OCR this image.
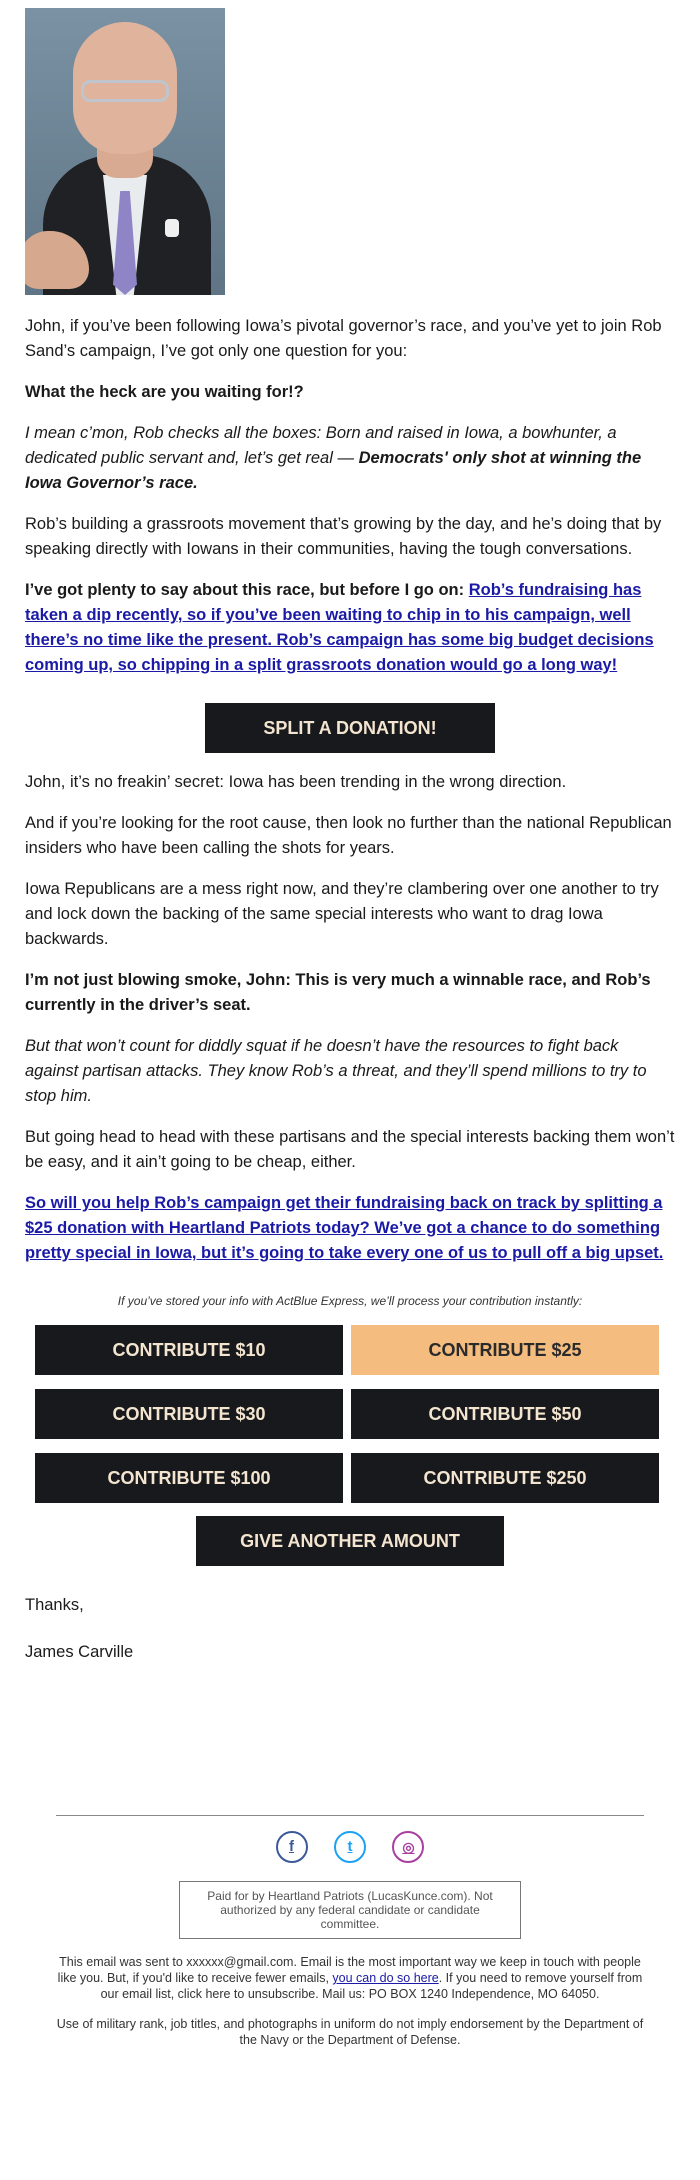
John, if you’ve been following Iowa’s pivotal governor’s race, and you’ve yet to join Rob Sand’s campaign, I’ve got only one question for you:

What the heck are you waiting for!?

I mean c’mon, Rob checks all the boxes: Born and raised in Iowa, a bowhunter, a dedicated public servant and, let’s get real — Democrats' only shot at winning the Iowa Governor’s race.

Rob’s building a grassroots movement that’s growing by the day, and he’s doing that by speaking directly with Iowans in their communities, having the tough conversations.

I’ve got plenty to say about this race, but before I go on: Rob’s fundraising has taken a dip recently, so if you’ve been waiting to chip in to his campaign, well there’s no time like the present. Rob’s campaign has some big budget decisions coming up, so chipping in a split grassroots donation would go a long way!

SPLIT A DONATION!

John, it’s no freakin’ secret: Iowa has been trending in the wrong direction.

And if you’re looking for the root cause, then look no further than the national Republican insiders who have been calling the shots for years.

Iowa Republicans are a mess right now, and they’re clambering over one another to try and lock down the backing of the same special interests who want to drag Iowa backwards.

I’m not just blowing smoke, John: This is very much a winnable race, and Rob’s currently in the driver’s seat.

But that won’t count for diddly squat if he doesn’t have the resources to fight back against partisan attacks. They know Rob’s a threat, and they’ll spend millions to try to stop him.

But going head to head with these partisans and the special interests backing them won’t be easy, and it ain’t going to be cheap, either.

So will you help Rob’s campaign get their fundraising back on track by splitting a $25 donation with Heartland Patriots today? We’ve got a chance to do something pretty special in Iowa, but it’s going to take every one of us to pull off a big upset.

If you’ve stored your info with ActBlue Express, we’ll process your contribution instantly:
CONTRIBUTE $10	CONTRIBUTE $25
CONTRIBUTE $30	CONTRIBUTE $50
CONTRIBUTE $100	CONTRIBUTE $250
GIVE ANOTHER AMOUNT

Thanks,

James Carville

f	t	◎
Paid for by Heartland Patriots (LucasKunce.com). Not authorized by any federal candidate or candidate committee.
This email was sent to xxxxxx@gmail.com. Email is the most important way we keep in touch with people like you. But, if you'd like to receive fewer emails, you can do so here. If you need to remove yourself from our email list, click here to unsubscribe. Mail us: PO BOX 1240 Independence, MO 64050.
Use of military rank, job titles, and photographs in uniform do not imply endorsement by the Department of the Navy or the Department of Defense.
